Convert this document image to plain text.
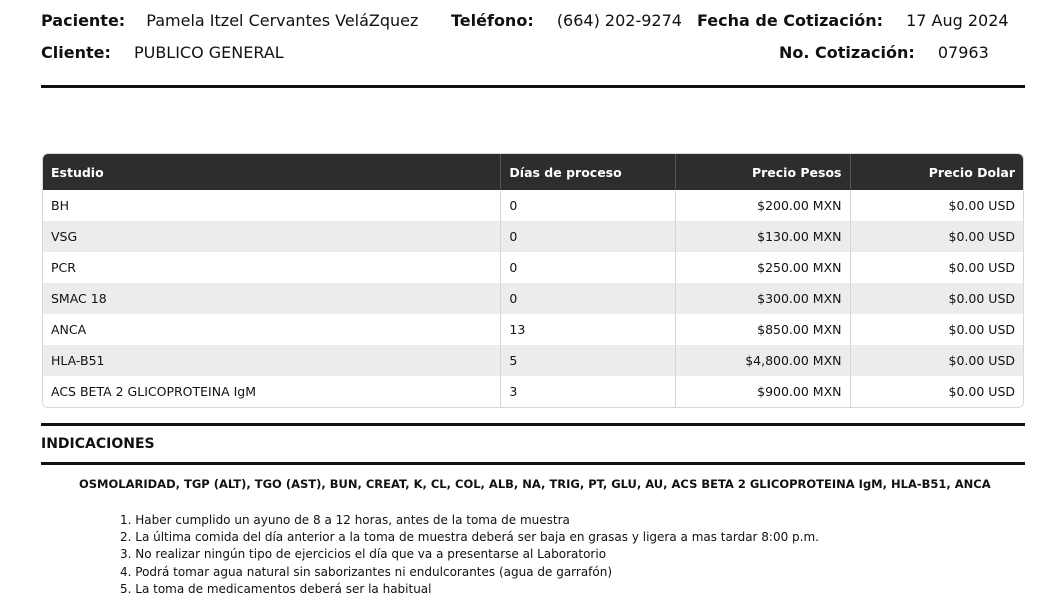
Paciente: Pamela Itzel Cervantes VeláZquez Teléfono: (664) 202-9274 Fecha de Cotización: 17 Aug 2024
Cliente: PUBLICO GENERAL	No. Cotización: 07963
Estudio	Días de proceso	Precio Pesos	Precio Dolar
BH	0	$200.00 MXN	$0.00 USD
VSG	0	$130.00 MXN	$0.00 USD
PCR	0	$250.00 MXN	$0.00 USD
SMAC 18	0	$300.00 MXN	$0.00 USD
ANCA	13	$850.00 MXN	$0.00 USD
HLA-B51	5	$4,800.00 MXN	$0.00 USD
ACS BETA 2 GLICOPROTEINA IgM	3	$900.00 MXN	$0.00 USD
INDICACIONES
OSMOLARIDAD, TGP (ALT), TGO (AST), BUN, CREAT, K, CL, COL, ALB, NA, TRIG, PT, GLU, AU, ACS BETA 2 GLICOPROTEINA IgM, HLA-B51, ANCA
1. Haber cumplido un ayuno de 8 a 12 horas, antes de la toma de muestra
2. La última comida del día anterior a la toma de muestra deberá ser baja en grasas y ligera a mas tardar 8:00 p.m.
3. No realizar ningún tipo de ejercicios el día que va a presentarse al Laboratorio
4. Podrá tomar agua natural sin saborizantes ni endulcorantes (agua de garrafón)
5. La toma de medicamentos deberá ser la habitual
